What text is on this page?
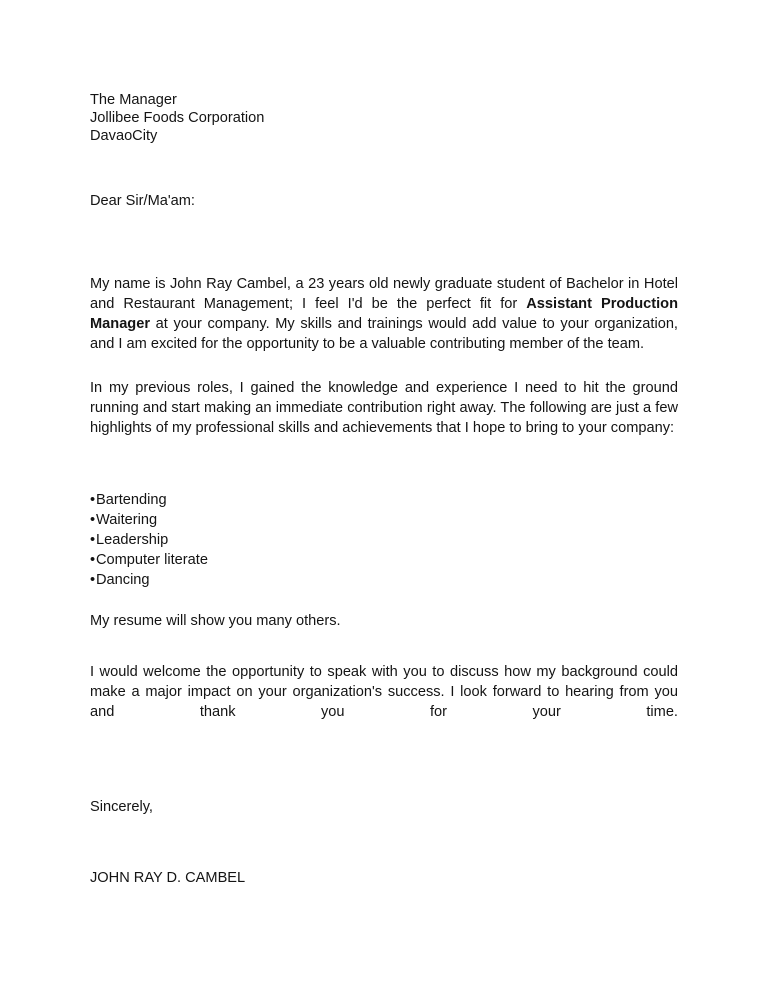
The Manager
Jollibee Foods Corporation
DavaoCity
Dear Sir/Ma'am:

My name is John Ray Cambel, a 23 years old newly graduate student of Bachelor in Hotel and Restaurant Management; I feel I'd be the perfect fit for Assistant Production Manager at your company. My skills and trainings would add value to your organization, and I am excited for the opportunity to be a valuable contributing member of the team.

In my previous roles, I gained the knowledge and experience I need to hit the ground running and start making an immediate contribution right away. The following are just a few highlights of my professional skills and achievements that I hope to bring to your company:

•Bartending
•Waitering
•Leadership
•Computer literate
•Dancing
My resume will show you many others.

I would welcome the opportunity to speak with you to discuss how my background could make a major impact on your organization's success. I look forward to hearing from you and thank you for your time.

Sincerely,
JOHN RAY D. CAMBEL
